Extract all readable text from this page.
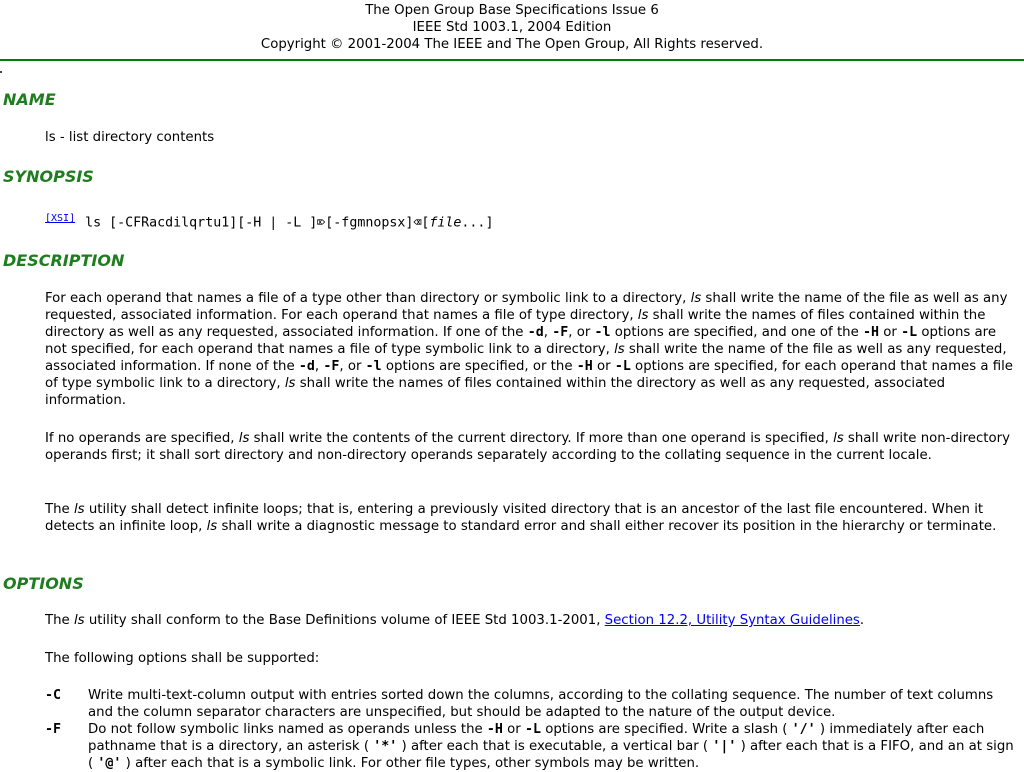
The Open Group Base Specifications Issue 6
IEEE Std 1003.1, 2004 Edition
Copyright © 2001-2004 The IEEE and The Open Group, All Rights reserved.
NAME

ls - list directory contents

SYNOPSIS
[XSI] ls [-CFRacdilqrtu1][-H | -L ]⌦[-fgmnopsx]⌫[file...]
DESCRIPTION

For each operand that names a file of a type other than directory or symbolic link to a directory, ls shall write the name of the file as well as any requested, associated information. For each operand that names a file of type directory, ls shall write the names of files contained within the directory as well as any requested, associated information. If one of the -d, -F, or -l options are specified, and one of the -H or -L options are not specified, for each operand that names a file of type symbolic link to a directory, ls shall write the name of the file as well as any requested, associated information. If none of the -d, -F, or -l options are specified, or the -H or -L options are specified, for each operand that names a file of type symbolic link to a directory, ls shall write the names of files contained within the directory as well as any requested, associated information.

If no operands are specified, ls shall write the contents of the current directory. If more than one operand is specified, ls shall write non-directory operands first; it shall sort directory and non-directory operands separately according to the collating sequence in the current locale.

The ls utility shall detect infinite loops; that is, entering a previously visited directory that is an ancestor of the last file encountered. When it detects an infinite loop, ls shall write a diagnostic message to standard error and shall either recover its position in the hierarchy or terminate.

OPTIONS

The ls utility shall conform to the Base Definitions volume of IEEE Std 1003.1-2001, Section 12.2, Utility Syntax Guidelines.

The following options shall be supported:

-C	Write multi-text-column output with entries sorted down the columns, according to the collating sequence. The number of text columns and the column separator characters are unspecified, but should be adapted to the nature of the output device.
-F	Do not follow symbolic links named as operands unless the -H or -L options are specified. Write a slash ( '/' ) immediately after each pathname that is a directory, an asterisk ( '*' ) after each that is executable, a vertical bar ( '|' ) after each that is a FIFO, and an at sign ( '@' ) after each that is a symbolic link. For other file types, other symbols may be written.
